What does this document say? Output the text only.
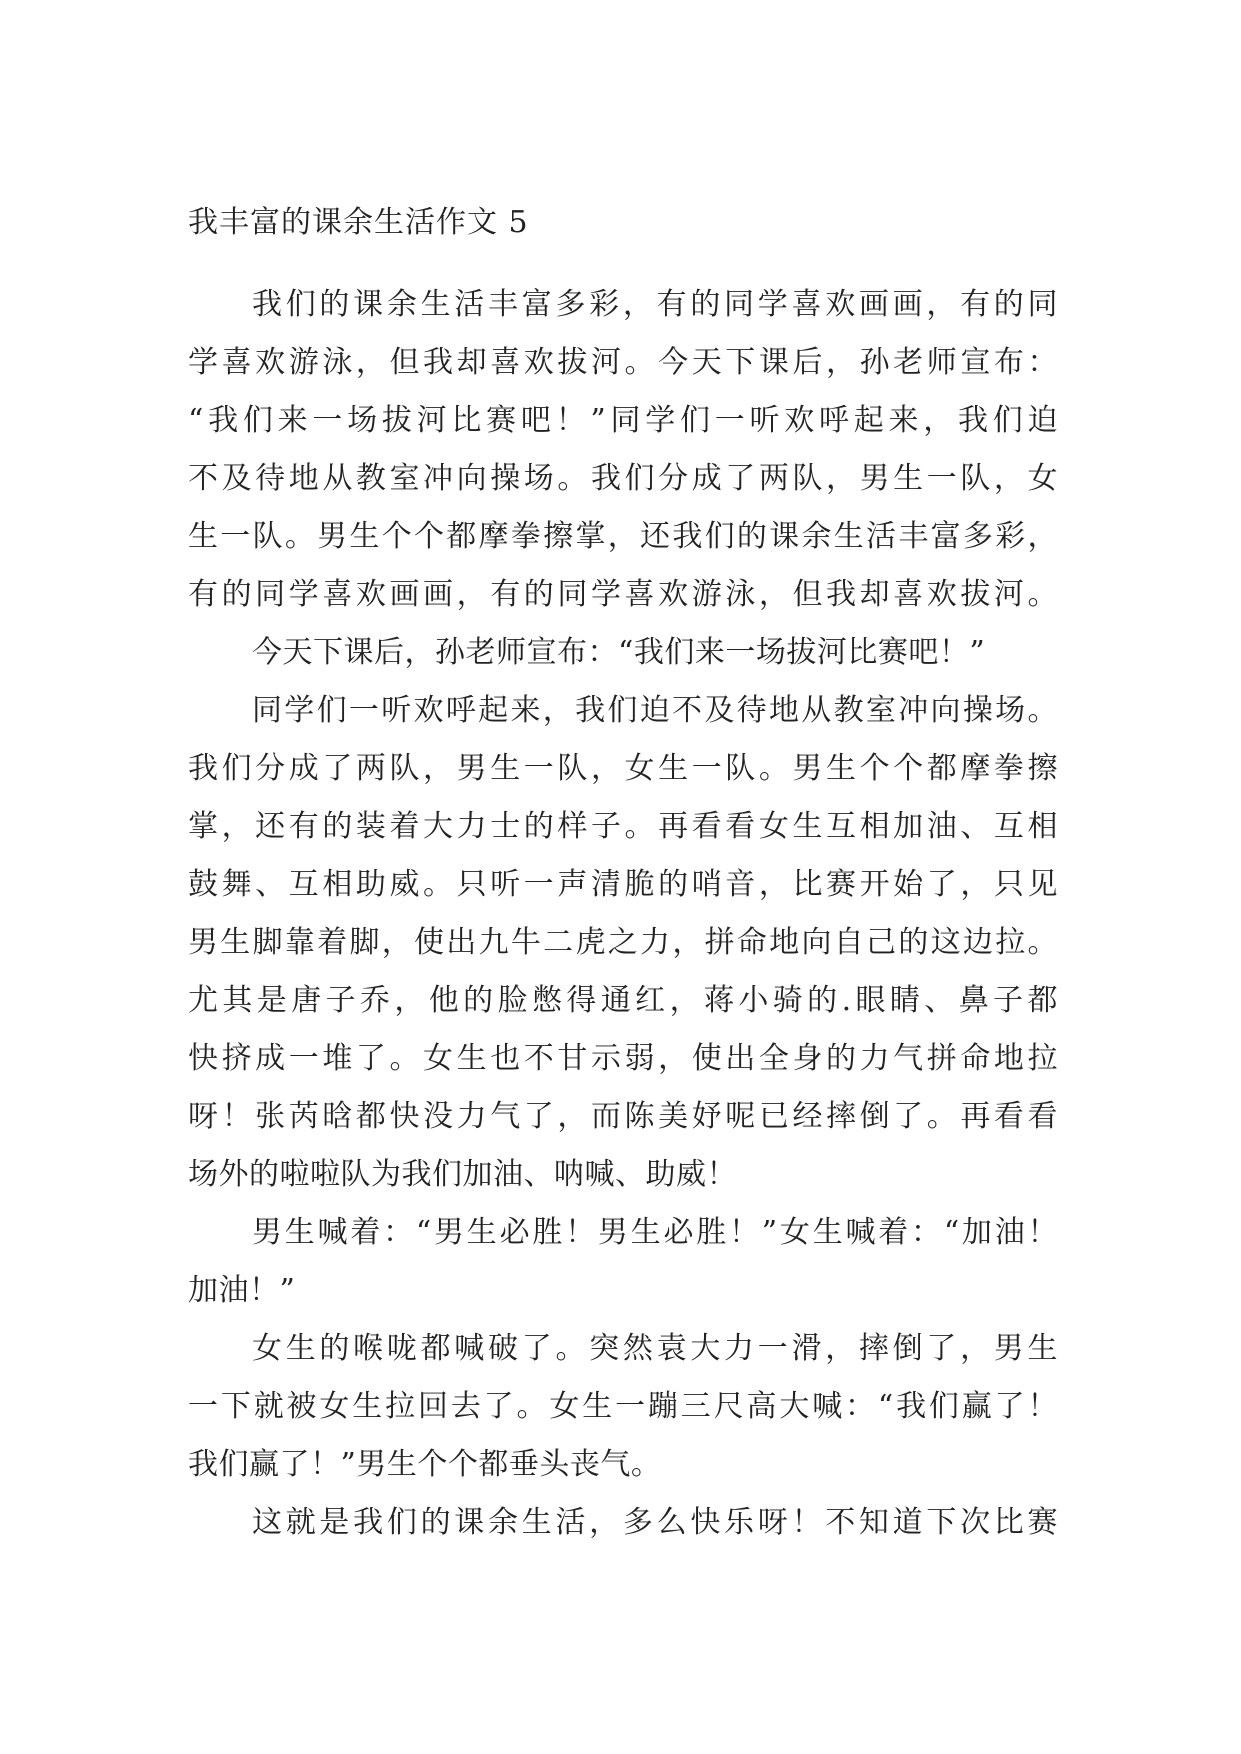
我丰富的课余生活作文 5
我们的课余生活丰富多彩，有的同学喜欢画画，有的同
学喜欢游泳，但我却喜欢拔河。今天下课后，孙老师宣布：
“我们来一场拔河比赛吧！”同学们一听欢呼起来，我们迫
不及待地从教室冲向操场。我们分成了两队，男生一队，女
生一队。男生个个都摩拳擦掌，还我们的课余生活丰富多彩，
有的同学喜欢画画，有的同学喜欢游泳，但我却喜欢拔河。
今天下课后，孙老师宣布：“我们来一场拔河比赛吧！”
同学们一听欢呼起来，我们迫不及待地从教室冲向操场。
我们分成了两队，男生一队，女生一队。男生个个都摩拳擦
掌，还有的装着大力士的样子。再看看女生互相加油、互相
鼓舞、互相助威。只听一声清脆的哨音，比赛开始了，只见
男生脚靠着脚，使出九牛二虎之力，拼命地向自己的这边拉。
尤其是唐子乔，他的脸憋得通红，蒋小骑的.眼睛、鼻子都
快挤成一堆了。女生也不甘示弱，使出全身的力气拼命地拉
呀！张芮晗都快没力气了，而陈美妤呢已经摔倒了。再看看
场外的啦啦队为我们加油、呐喊、助威！
男生喊着：“男生必胜！男生必胜！”女生喊着：“加油！
加油！”
女生的喉咙都喊破了。突然袁大力一滑，摔倒了，男生
一下就被女生拉回去了。女生一蹦三尺高大喊：“我们赢了！
我们赢了！”男生个个都垂头丧气。
这就是我们的课余生活，多么快乐呀！不知道下次比赛
